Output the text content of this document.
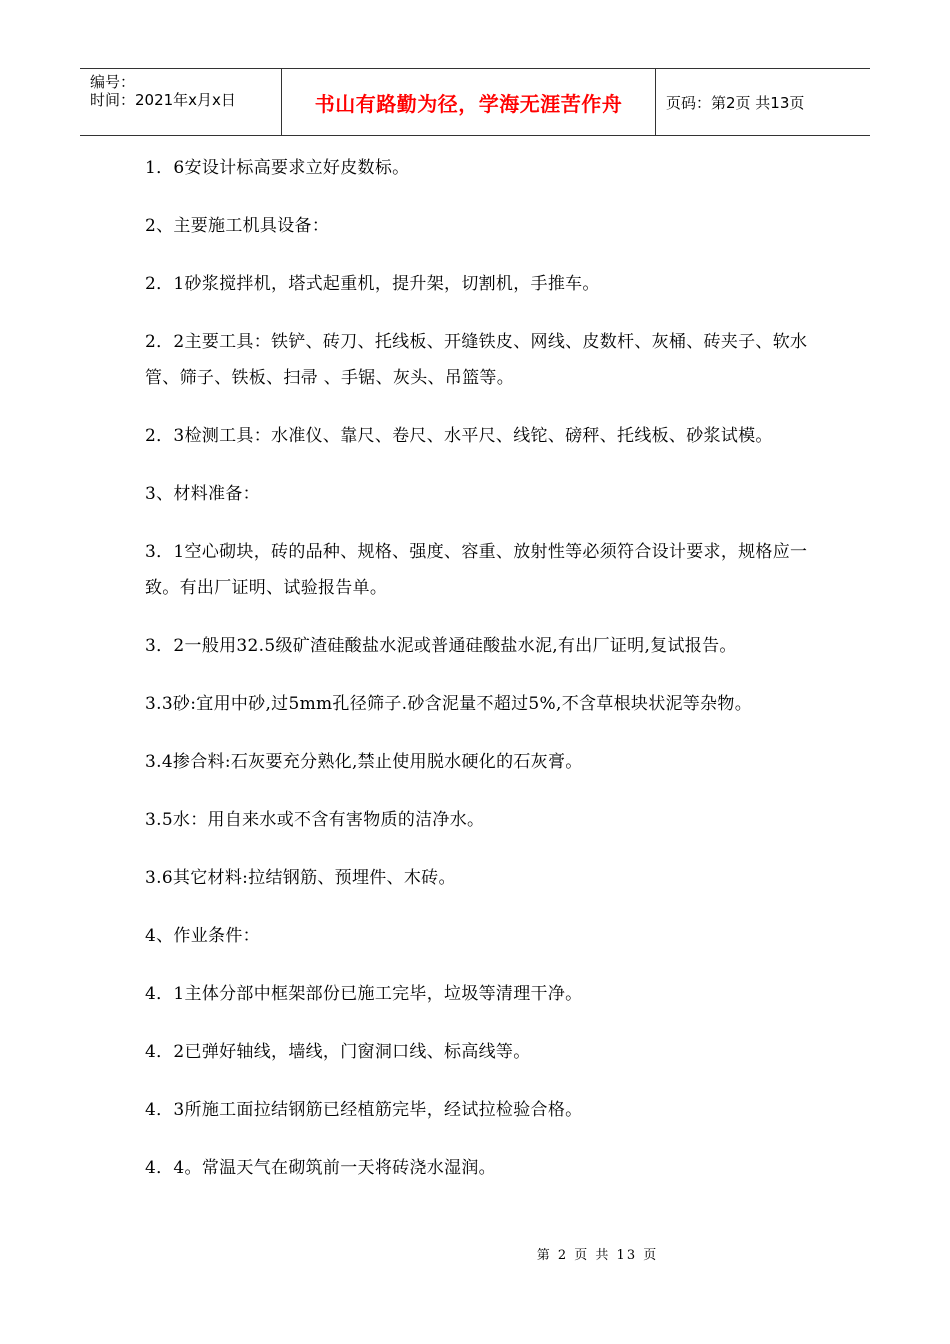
编号：
时间：2021年x月x日	书山有路勤为径，学海无涯苦作舟	页码：第2页 共13页

1．6安设计标高要求立好皮数标。

2、主要施工机具设备：

2．1砂浆搅拌机，塔式起重机，提升架，切割机，手推车。

2．2主要工具：铁铲、砖刀、托线板、开缝铁皮、网线、皮数杆、灰桶、砖夹子、软水管、筛子、铁板、扫帚 、手锯、灰头、吊篮等。

2．3检测工具：水准仪、靠尺、卷尺、水平尺、线铊、磅秤、托线板、砂浆试模。

3、材料准备：

3．1空心砌块，砖的品种、规格、强度、容重、放射性等必须符合设计要求，规格应一致。有出厂证明、试验报告单。

3．2一般用32.5级矿渣硅酸盐水泥或普通硅酸盐水泥,有出厂证明,复试报告。

3.3砂:宜用中砂,过5mm孔径筛子.砂含泥量不超过5%,不含草根块状泥等杂物。

3.4掺合料:石灰要充分熟化,禁止使用脱水硬化的石灰膏。

3.5水：用自来水或不含有害物质的洁净水。

3.6其它材料:拉结钢筋、预埋件、木砖。

4、作业条件：

4．1主体分部中框架部份已施工完毕，垃圾等清理干净。

4．2已弹好轴线，墙线，门窗洞口线、标高线等。

4．3所施工面拉结钢筋已经植筋完毕，经试拉检验合格。

4．4。常温天气在砌筑前一天将砖浇水湿润。

第 2 页 共 13 页
